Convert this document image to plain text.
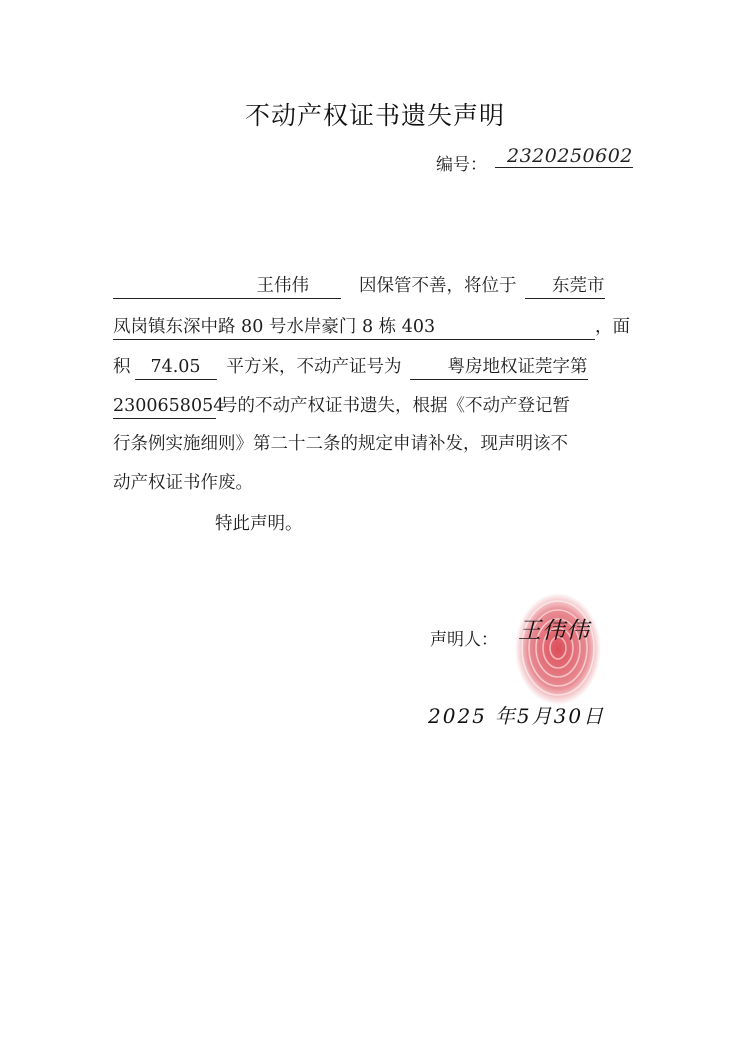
不动产权证书遗失声明
编号：	2320250602
王伟伟	因保管不善，将位于 东莞市
凤岗镇东深中路 80 号水岸豪门 8 栋 403	，面
积 74.05 平方米，不动产证号为	粤房地权证莞字第
2300658054号的不动产权证书遗失，根据《不动产登记暂
行条例实施细则》第二十二条的规定申请补发，现声明该不
动产权证书作废。
特此声明。
声明人： 王伟伟
2025 年5月30日
